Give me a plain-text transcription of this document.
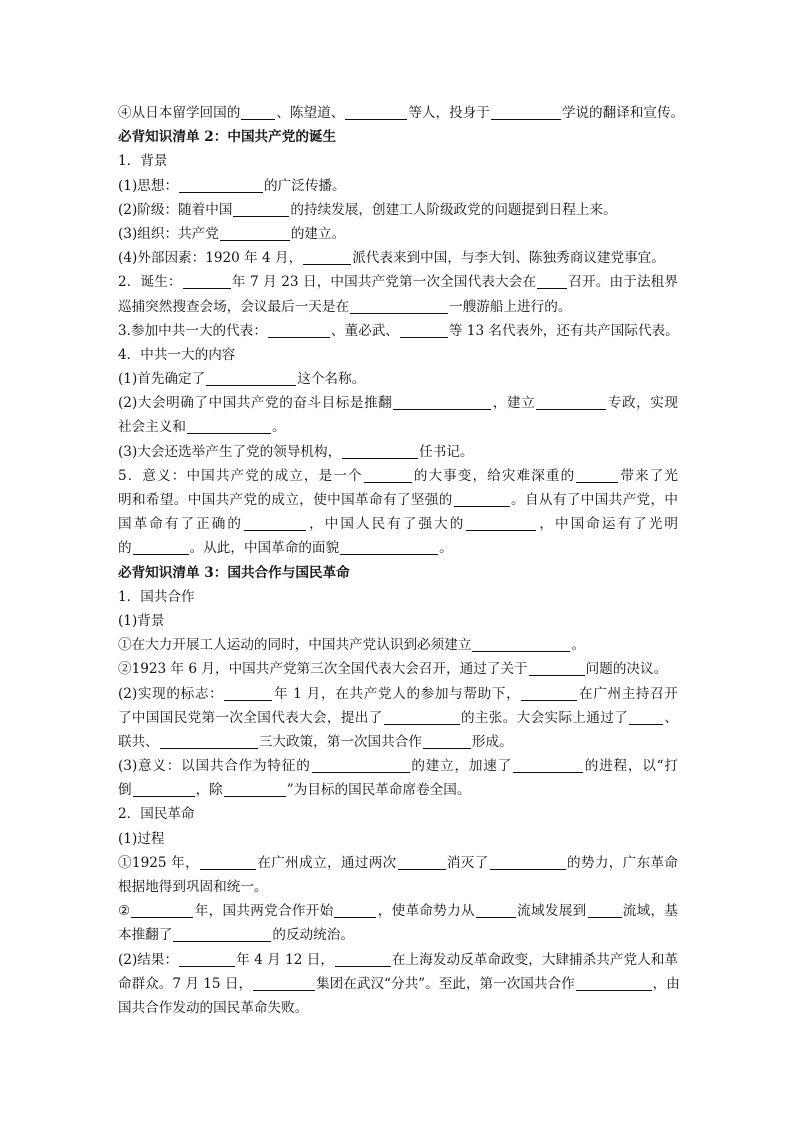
④从日本留学回国的	、陈望道、	等人，投身于	学说的翻译和宣传。
必背知识清单 2：中国共产党的诞生
1．背景
(1)思想：	的广泛传播。
(2)阶级：随着中国	的持续发展，创建工人阶级政党的问题提到日程上来。
(3)组织：共产党	的建立。
(4)外部因素：1920 年 4 月，	派代表来到中国，与李大钊、陈独秀商议建党事宜。
2．诞生：	年 7 月 23 日，中国共产党第一次全国代表大会在 召开。由于法租界
巡捕突然搜查会场，会议最后一天是在	一艘游船上进行的。
3.参加中共一大的代表：	、董必武、	等 13 名代表外，还有共产国际代表。
4．中共一大的内容
(1)首先确定了	这个名称。
(2)大会明确了中国共产党的奋斗目标是推翻	，建立	专政，实现
社会主义和	。
(3)大会还选举产生了党的领导机构，	任书记。
5．意义：中国共产党的成立，是一个	的大事变，给灾难深重的	带来了光
明和希望。中国共产党的成立，使中国革命有了坚强的	。自从有了中国共产党，中
国革命有了正确的	，中国人民有了强大的	，中国命运有了光明
的	。从此，中国革命的面貌	。
必背知识清单 3：国共合作与国民革命
1．国共合作
(1)背景
①在大力开展工人运动的同时，中国共产党认识到必须建立	。
②1923 年 6 月，中国共产党第三次全国代表大会召开，通过了关于	问题的决议。
(2)实现的标志：	年 1 月，在共产党人的参加与帮助下，	在广州主持召开
了中国国民党第一次全国代表大会，提出了	的主张。大会实际上通过了	、
联共、	三大政策，第一次国共合作	形成。
(3)意义：以国共合作为特征的	的建立，加速了	的进程，以“打
倒	，除	”为目标的国民革命席卷全国。
2．国民革命
(1)过程
①1925 年，	在广州成立，通过两次	消灭了	的势力，广东革命
根据地得到巩固和统一。
②	年，国共两党合作开始	，使革命势力从	流域发展到	流域，基
本推翻了	的反动统治。
(2)结果：	年 4 月 12 日，	在上海发动反革命政变，大肆捕杀共产党人和革
命群众。7 月 15 日，	集团在武汉“分共”。至此，第一次国共合作	，由
国共合作发动的国民革命失败。
